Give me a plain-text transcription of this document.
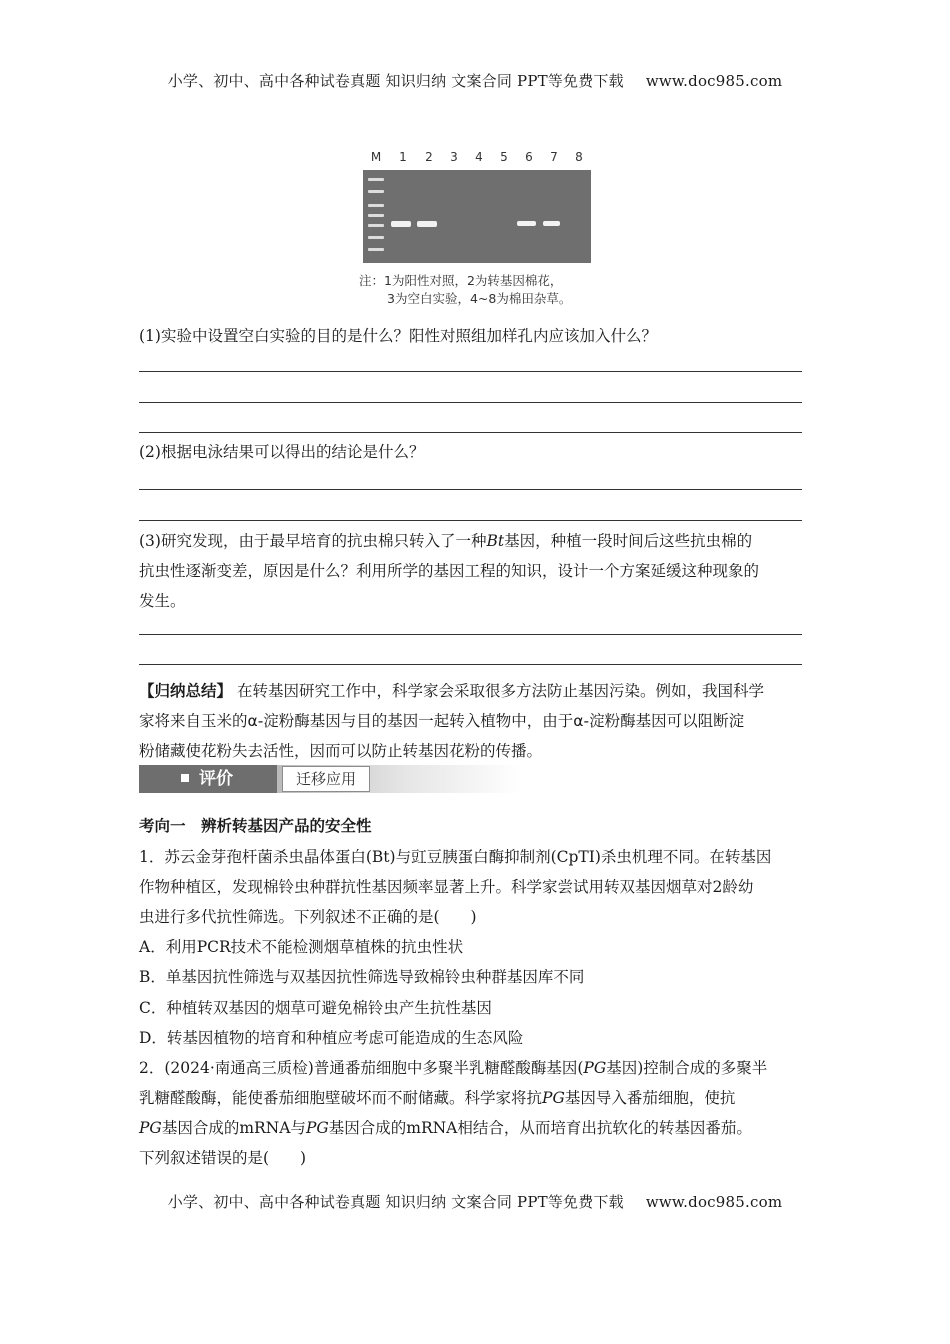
小学、初中、高中各种试卷真题 知识归纳 文案合同 PPT等免费下载 www.doc985.com
M 1 2 3 4 5 6 7 8
注：1为阳性对照，2为转基因棉花，
3为空白实验，4~8为棉田杂草。
(1)实验中设置空白实验的目的是什么？阳性对照组加样孔内应该加入什么？
(2)根据电泳结果可以得出的结论是什么？
(3)研究发现，由于最早培育的抗虫棉只转入了一种Bt基因，种植一段时间后这些抗虫棉的
抗虫性逐渐变差，原因是什么？利用所学的基因工程的知识，设计一个方案延缓这种现象的
发生。
【归纳总结】 在转基因研究工作中，科学家会采取很多方法防止基因污染。例如，我国科学
家将来自玉米的α-淀粉酶基因与目的基因一起转入植物中，由于α-淀粉酶基因可以阻断淀
粉储藏使花粉失去活性，因而可以防止转基因花粉的传播。
评价	迁移应用
考向一　辨析转基因产品的安全性
1．苏云金芽孢杆菌杀虫晶体蛋白(Bt)与豇豆胰蛋白酶抑制剂(CpTI)杀虫机理不同。在转基因
作物种植区，发现棉铃虫种群抗性基因频率显著上升。科学家尝试用转双基因烟草对2龄幼
虫进行多代抗性筛选。下列叙述不正确的是(　　)
A．利用PCR技术不能检测烟草植株的抗虫性状
B．单基因抗性筛选与双基因抗性筛选导致棉铃虫种群基因库不同
C．种植转双基因的烟草可避免棉铃虫产生抗性基因
D．转基因植物的培育和种植应考虑可能造成的生态风险
2．(2024·南通高三质检)普通番茄细胞中多聚半乳糖醛酸酶基因(PG基因)控制合成的多聚半
乳糖醛酸酶，能使番茄细胞壁破坏而不耐储藏。科学家将抗PG基因导入番茄细胞，使抗
PG基因合成的mRNA与PG基因合成的mRNA相结合，从而培育出抗软化的转基因番茄。
下列叙述错误的是(　　)
小学、初中、高中各种试卷真题 知识归纳 文案合同 PPT等免费下载 www.doc985.com
